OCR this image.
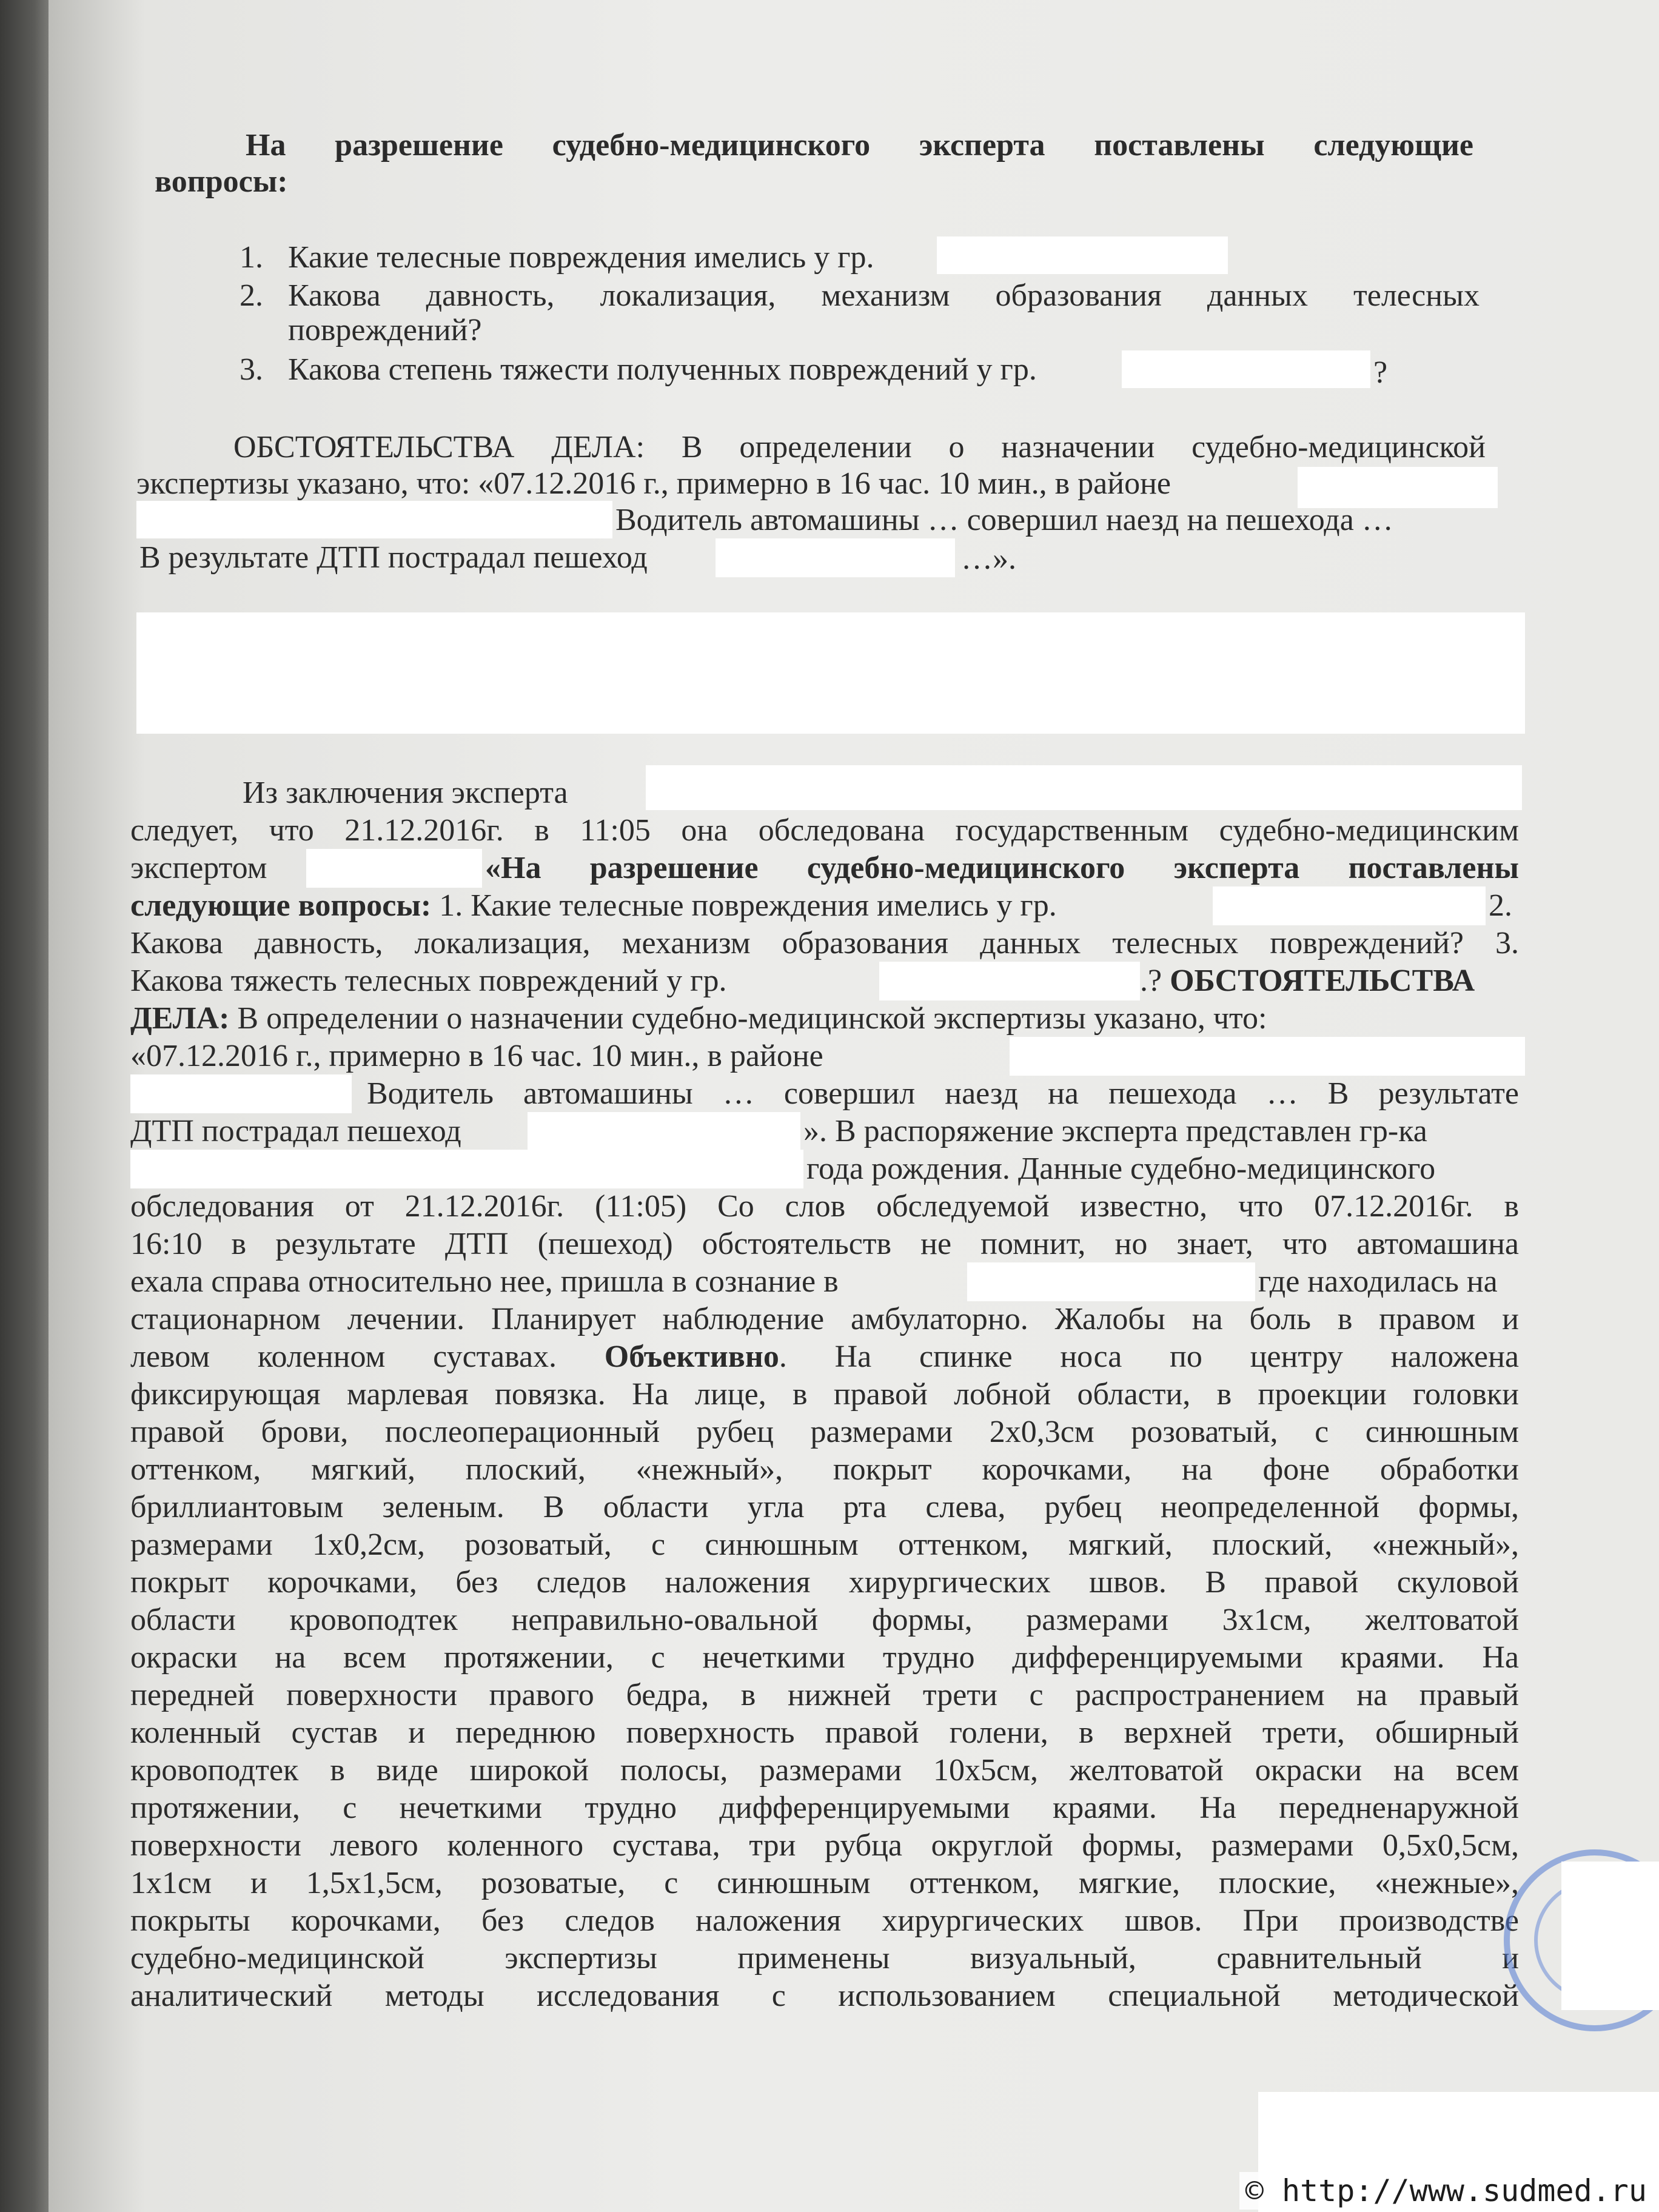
На разрешение судебно-медицинского эксперта поставлены следующие
вопросы:
1. Какие телесные повреждения имелись у гр.
2. Какова давность, локализация, механизм образования данных телесных
повреждений?
3. Какова степень тяжести полученных повреждений у гр.	?
ОБСТОЯТЕЛЬСТВА ДЕЛА: В определении о назначении судебно-медицинской
экспертизы указано, что: «07.12.2016 г., примерно в 16 час. 10 мин., в районе
Водитель автомашины … совершил наезд на пешехода …
В результате ДТП пострадал пешеход	…».
Из заключения эксперта
следует, что 21.12.2016г. в 11:05 она обследована государственным судебно-медицинским
экспертом	«На разрешение судебно-медицинского эксперта поставлены
следующие вопросы: 1. Какие телесные повреждения имелись у гр.	2.
Какова давность, локализация, механизм образования данных телесных повреждений? 3.
Какова тяжесть телесных повреждений у гр.	.? ОБСТОЯТЕЛЬСТВА
ДЕЛА: В определении о назначении судебно-медицинской экспертизы указано, что:
«07.12.2016 г., примерно в 16 час. 10 мин., в районе
Водитель автомашины … совершил наезд на пешехода … В результате
ДТП пострадал пешеход	». В распоряжение эксперта представлен гр-ка
года рождения. Данные судебно-медицинского
обследования от 21.12.2016г. (11:05) Со слов обследуемой известно, что 07.12.2016г. в
16:10 в результате ДТП (пешеход) обстоятельств не помнит, но знает, что автомашина
ехала справа относительно нее, пришла в сознание в	где находилась на
стационарном лечении. Планирует наблюдение амбулаторно. Жалобы на боль в правом и
левом коленном суставах. Объективно. На спинке носа по центру наложена
фиксирующая марлевая повязка. На лице, в правой лобной области, в проекции головки
правой брови, послеоперационный рубец размерами 2х0,3см розоватый, с синюшным
оттенком, мягкий, плоский, «нежный», покрыт корочками, на фоне обработки
бриллиантовым зеленым. В области угла рта слева, рубец неопределенной формы,
размерами 1х0,2см, розоватый, с синюшным оттенком, мягкий, плоский, «нежный»,
покрыт корочками, без следов наложения хирургических швов. В правой скуловой
области кровоподтек неправильно-овальной формы, размерами 3х1см, желтоватой
окраски на всем протяжении, с нечеткими трудно дифференцируемыми краями. На
передней поверхности правого бедра, в нижней трети с распространением на правый
коленный сустав и переднюю поверхность правой голени, в верхней трети, обширный
кровоподтек в виде широкой полосы, размерами 10х5см, желтоватой окраски на всем
протяжении, с нечеткими трудно дифференцируемыми краями. На передненаружной
поверхности левого коленного сустава, три рубца округлой формы, размерами 0,5х0,5см,
1х1см и 1,5х1,5см, розоватые, с синюшным оттенком, мягкие, плоские, «нежные»,
покрыты корочками, без следов наложения хирургических швов. При производстве
судебно-медицинской экспертизы применены визуальный, сравнительный и
аналитический методы исследования с использованием специальной методической
© http://www.sudmed.ru
